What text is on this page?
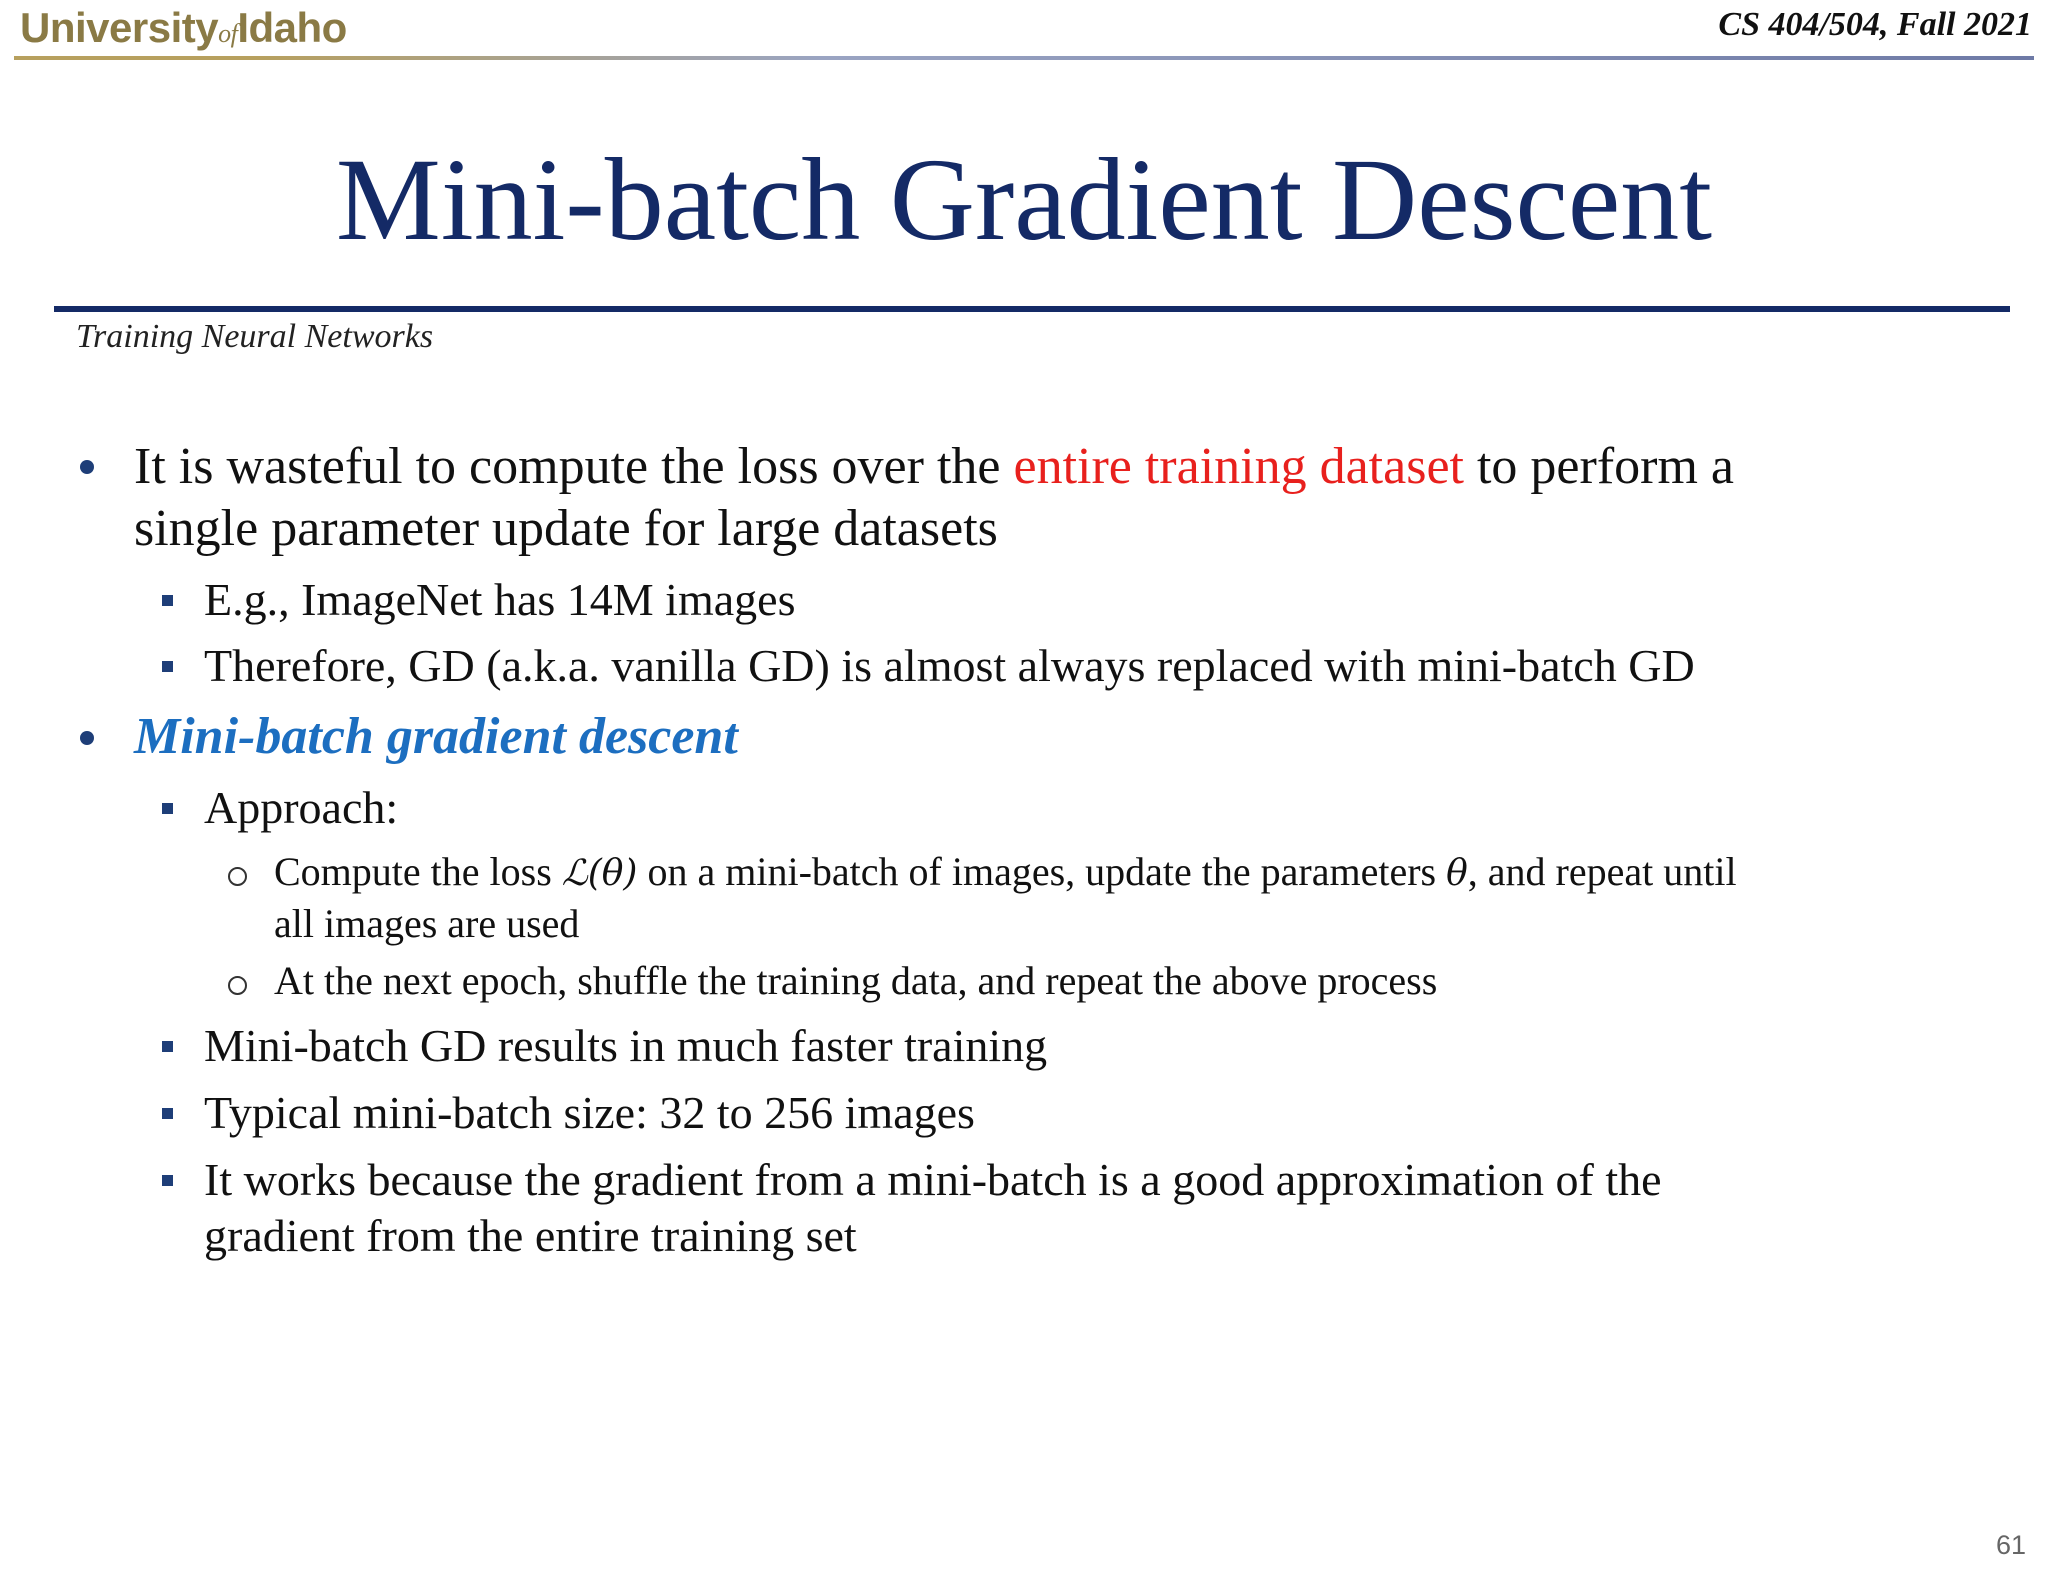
UniversityofIdaho	CS 404/504, Fall 2021
Mini-batch Gradient Descent
Training Neural Networks
It is wasteful to compute the loss over the entire training dataset to perform a
single parameter update for large datasets
E.g., ImageNet has 14M images
Therefore, GD (a.k.a. vanilla GD) is almost always replaced with mini-batch GD
Mini-batch gradient descent
Approach:
Compute the loss ℒ(θ) on a mini-batch of images, update the parameters θ, and repeat until
all images are used
At the next epoch, shuffle the training data, and repeat the above process
Mini-batch GD results in much faster training
Typical mini-batch size: 32 to 256 images
It works because the gradient from a mini-batch is a good approximation of the
gradient from the entire training set
61
